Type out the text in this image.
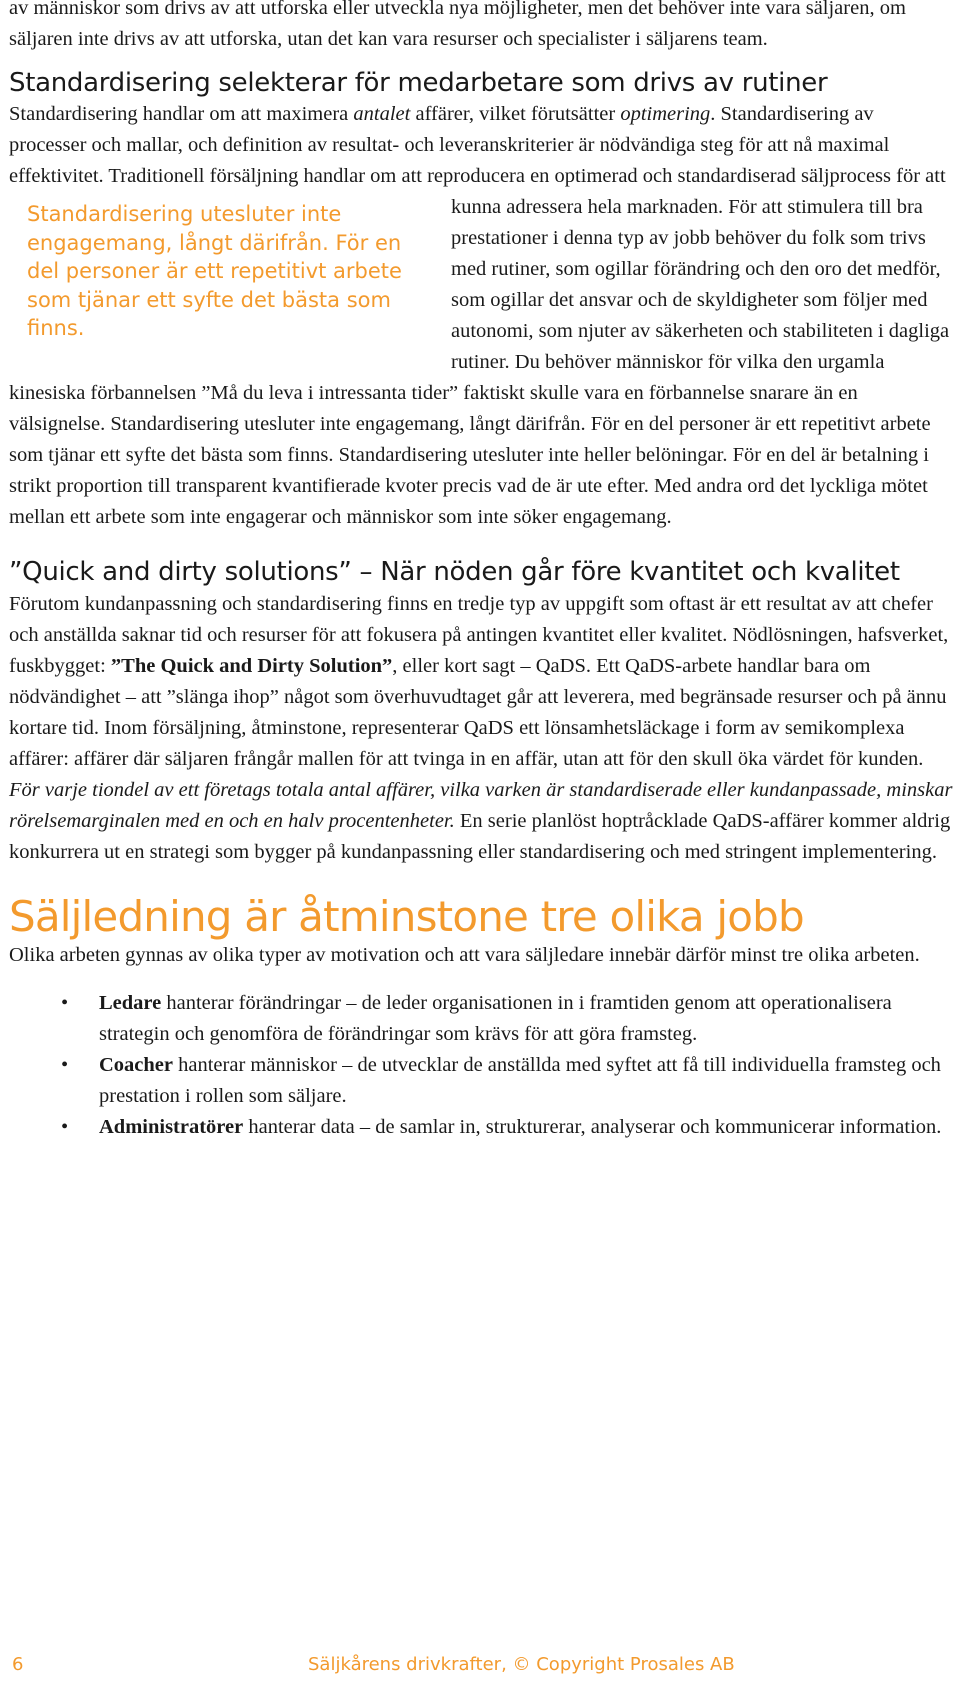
av människor som drivs av att utforska eller utveckla nya möjligheter, men det behöver inte vara säljaren, om säljaren inte drivs av att utforska, utan det kan vara resurser och specialister i säljarens team.

Standardisering selekterar för medarbetare som drivs av rutiner

Standardisering handlar om att maximera antalet affärer, vilket förutsätter optimering. Standardisering av processer och mallar, och definition av resultat- och leveranskriterier är nödvändiga steg för att nå maximal effektivitet. Traditionell försäljning handlar om att reproducera en optime
Standardisering utesluter inte engagemang, långt därifrån. För en del personer är ett repetitivt arbete som tjänar ett syfte det bästa som finns.
rad och standardiserad säljprocess för att kunna adressera hela marknaden. För att stimulera till bra prestationer i denna typ av jobb behöver du folk som trivs med rutiner, som ogillar förändring och den oro det medför, som ogillar det ansvar och de skyldigheter som följer med autonomi, som njuter av säkerheten och stabiliteten i dagliga rutiner. Du behöver människor för vilka den urgamla kinesiska förbannelsen ”Må du leva i intressanta tider” faktiskt skulle vara en förbannelse snarare än en välsignelse. Standardisering utesluter inte engagemang, långt därifrån. För en del personer är ett repetitivt arbete som tjänar ett syfte det bästa som finns. Standardisering utesluter inte heller belöningar. För en del är betalning i strikt proportion till transparent kvantifierade kvoter precis vad de är ute efter. Med andra ord det lyckliga mötet mellan ett arbete som inte engagerar och människor som inte söker engagemang.

”Quick and dirty solutions” – När nöden går före kvantitet och kvalitet

Förutom kundanpassning och standardisering finns en tredje typ av uppgift som oftast är ett resultat av att chefer och anställda saknar tid och resurser för att fokusera på antingen kvantitet eller kvalitet. Nödlösningen, hafsverket, fuskbygget: ”The Quick and Dirty Solution”, eller kort sagt – QaDS. Ett QaDS-arbete handlar bara om nödvändighet – att ”slänga ihop” något som överhuvudtaget går att leverera, med begränsade resurser och på ännu kortare tid. Inom försäljning, åtminstone, representerar QaDS ett lönsamhetsläckage i form av semikomplexa affärer: affärer där säljaren frångår mallen för att tvinga in en affär, utan att för den skull öka värdet för kunden. För varje tiondel av ett företags totala antal affärer, vilka varken är standardiserade eller kundanpassade, minskar rörelsemarginalen med en och en halv procentenheter. En serie planlöst hoptråcklade QaDS-affärer kommer aldrig konkurrera ut en strategi som bygger på kundanpassning eller standardisering och med stringent implementering.

Säljledning är åtminstone tre olika jobb

Olika arbeten gynnas av olika typer av motivation och att vara säljledare innebär därför minst tre olika arbeten.

• Ledare hanterar förändringar – de leder organisationen in i framtiden genom att operationalisera strategin och genomföra de förändringar som krävs för att göra framsteg.
• Coacher hanterar människor – de utvecklar de anställda med syftet att få till individuella framsteg och prestation i rollen som säljare.
• Administratörer hanterar data – de samlar in, strukturerar, analyserar och kommunicerar information.
6	Säljkårens drivkrafter, © Copyright Prosales AB
